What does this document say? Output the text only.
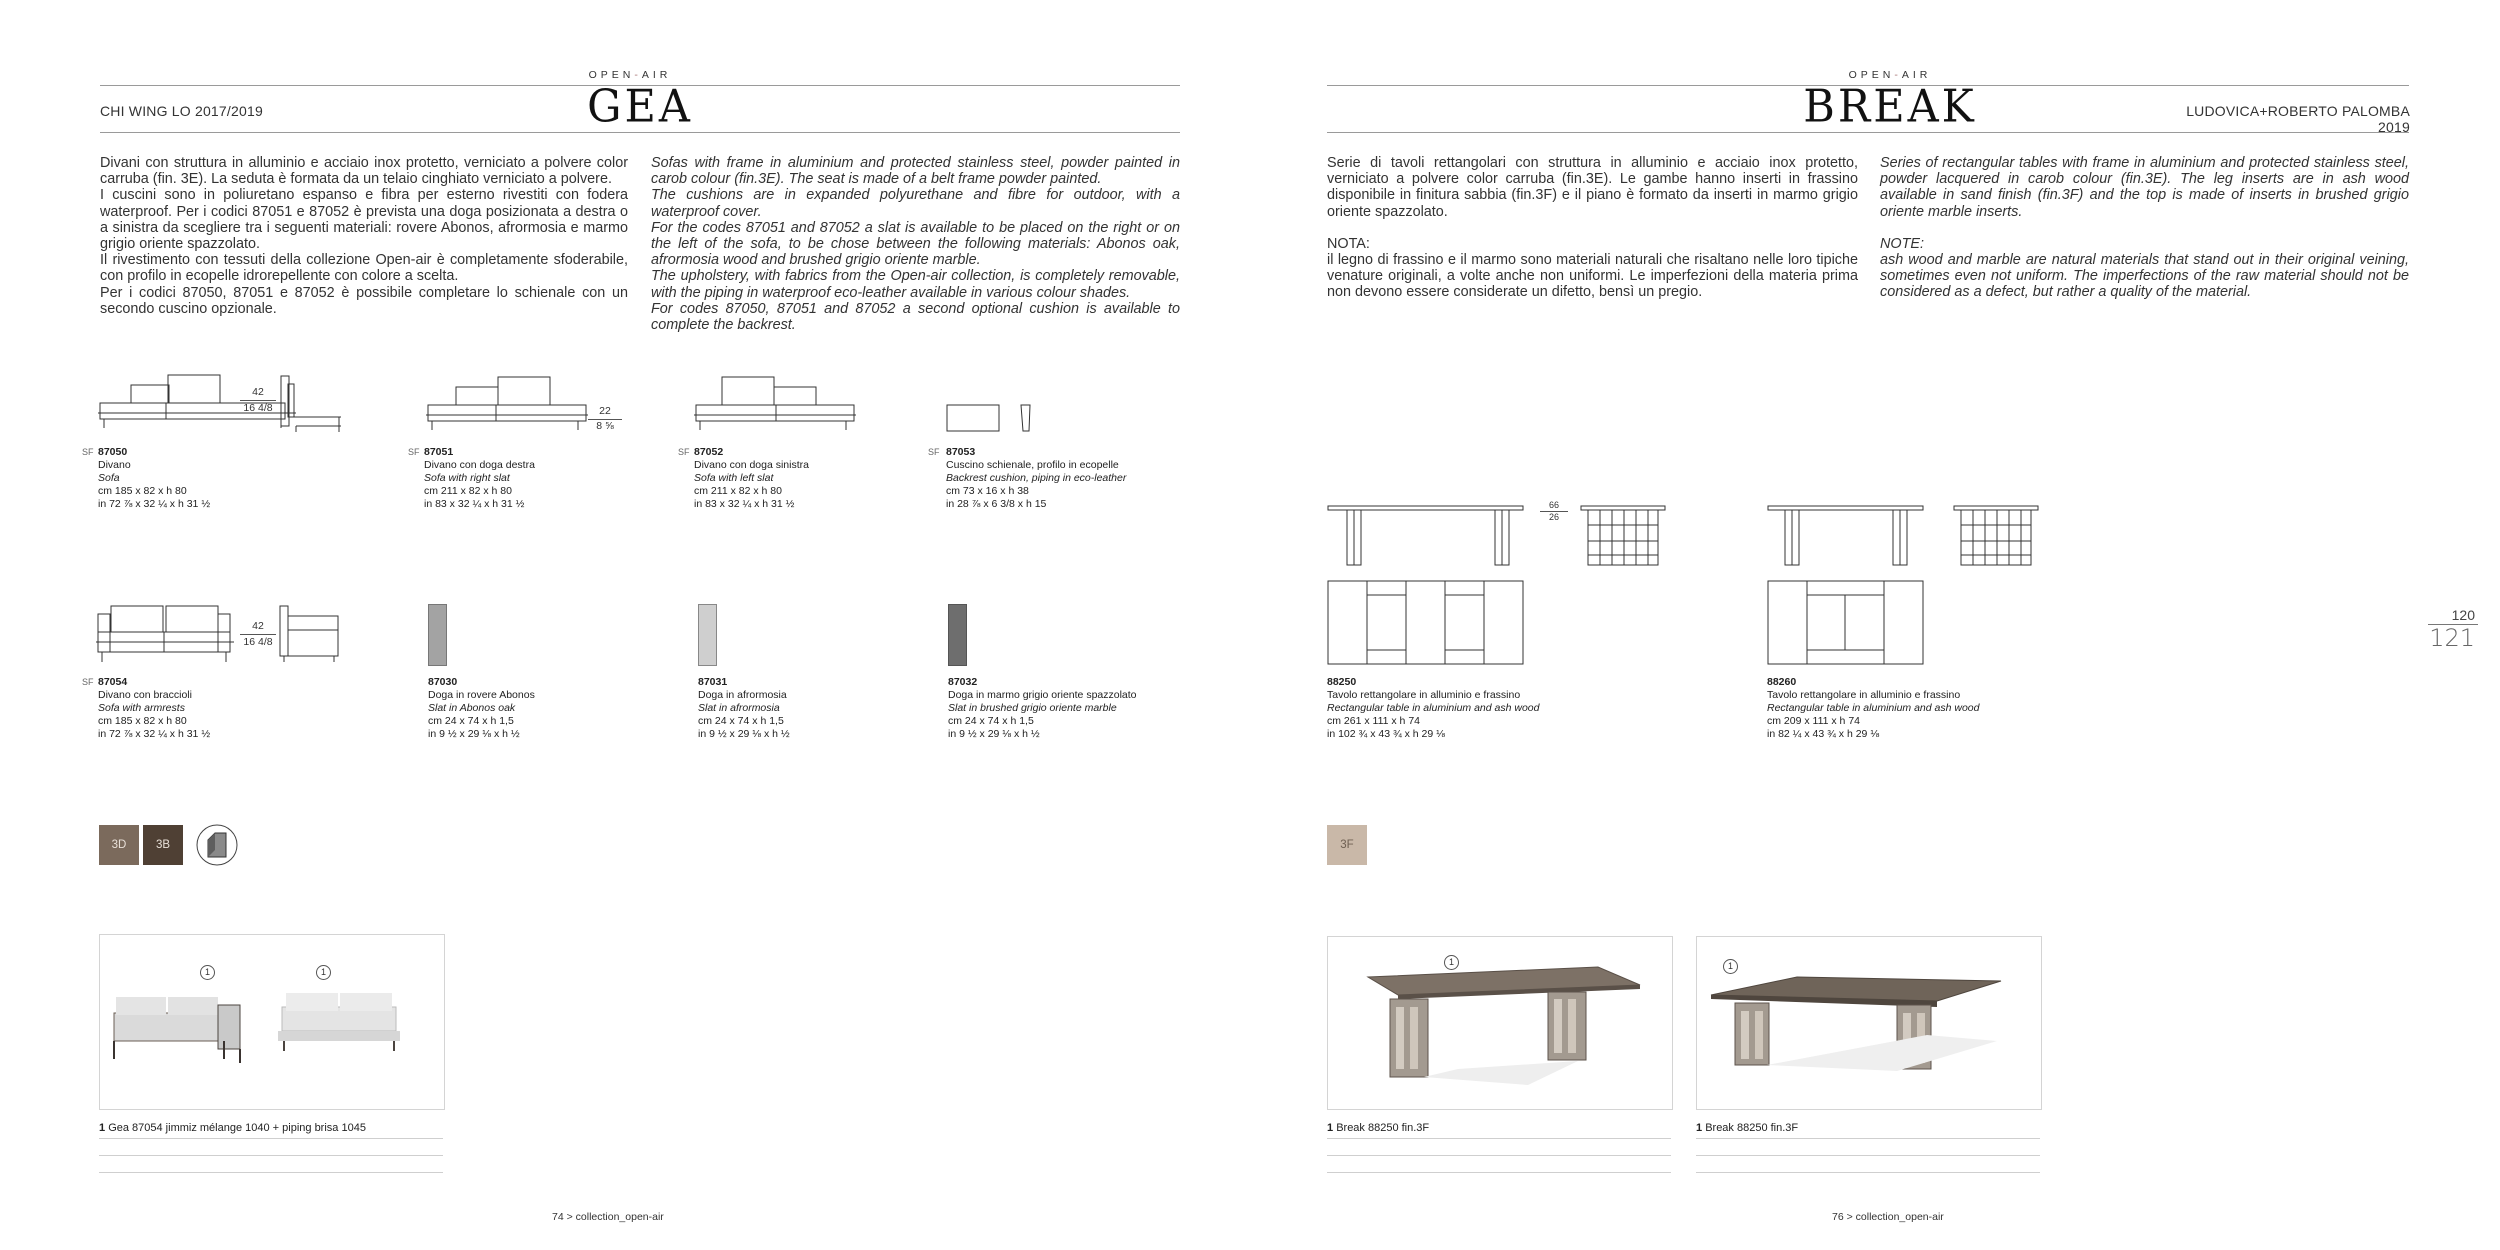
OPEN-AIR
CHI WING LO 2017/2019	GEA

Divani con struttura in alluminio e acciaio inox protetto, verniciato a polvere color carruba (fin. 3E). La seduta è formata da un telaio cinghiato verniciato a polvere.

I cuscini sono in poliuretano espanso e fibra per esterno rivestiti con fodera waterproof. Per i codici 87051 e 87052 è prevista una doga posizionata a destra o a sinistra da scegliere tra i seguenti materiali: rovere Abonos, afrormosia e marmo grigio oriente spazzolato.

Il rivestimento con tessuti della collezione Open-air è completamente sfoderabile, con profilo in ecopelle idrorepellente con colore a scelta.

Per i codici 87050, 87051 e 87052 è possibile completare lo schienale con un secondo cuscino opzionale.

Sofas with frame in aluminium and protected stainless steel, powder painted in carob colour (fin.3E). The seat is made of a belt frame powder painted.

The cushions are in expanded polyurethane and fibre for outdoor, with a waterproof cover.

For the codes 87051 and 87052 a slat is available to be placed on the right or on the left of the sofa, to be chose between the following materials: Abonos oak, afrormosia wood and brushed grigio oriente marble.

The upholstery, with fabrics from the Open-air collection, is completely removable, with the piping in waterproof eco-leather available in various colour shades.

For codes 87050, 87051 and 87052 a second optional cushion is available to complete the backrest.

42
16 4/8	22
8 ⅝
SF 87050
Divano
Sofa
cm 185 x 82 x h 80
in 72 ⅞ x 32 ¼ x h 31 ½
SF 87051
Divano con doga destra
Sofa with right slat
cm 211 x 82 x h 80
in 83 x 32 ¼ x h 31 ½
SF 87052
Divano con doga sinistra
Sofa with left slat
cm 211 x 82 x h 80
in 83 x 32 ¼ x h 31 ½
SF 87053
Cuscino schienale, profilo in ecopelle
Backrest cushion, piping in eco-leather
cm 73 x 16 x h 38
in 28 ⅞ x 6 3/8 x h 15
42
16 4/8
SF 87054
Divano con braccioli
Sofa with armrests
cm 185 x 82 x h 80
in 72 ⅞ x 32 ¼ x h 31 ½
87030
Doga in rovere Abonos
Slat in Abonos oak
cm 24 x 74 x h 1,5
in 9 ½ x 29 ⅛ x h ½
87031
Doga in afrormosia
Slat in afrormosia
cm 24 x 74 x h 1,5
in 9 ½ x 29 ⅛ x h ½
87032
Doga in marmo grigio oriente spazzolato
Slat in brushed grigio oriente marble
cm 24 x 74 x h 1,5
in 9 ½ x 29 ⅛ x h ½
3D	3B
1	1
1 Gea 87054 jimmiz mélange 1040 + piping brisa 1045
74 > collection_open-air
OPEN-AIR
BREAK	LUDOVICA+ROBERTO PALOMBA 2019

Serie di tavoli rettangolari con struttura in alluminio e acciaio inox protetto, verniciato a polvere color carruba (fin.3E). Le gambe hanno inserti in frassino disponibile in finitura sabbia (fin.3F) e il piano è formato da inserti in marmo grigio oriente spazzolato.

NOTA:

il legno di frassino e il marmo sono materiali naturali che risaltano nelle loro tipiche venature originali, a volte anche non uniformi. Le imperfezioni della materia prima non devono essere considerate un difetto, bensì un pregio.

Series of rectangular tables with frame in aluminium and protected stainless steel, powder lacquered in carob colour (fin.3E). The leg inserts are in ash wood available in sand finish (fin.3F) and the top is made of inserts in brushed grigio oriente marble inserts.

NOTE:

ash wood and marble are natural materials that stand out in their original veining, sometimes even not uniform. The imperfections of the raw material should not be considered as a defect, but rather a quality of the material.

66
26
88250
Tavolo rettangolare in alluminio e frassino
Rectangular table in aluminium and ash wood
cm 261 x 111 x h 74
in 102 ¾ x 43 ¾ x h 29 ⅛
88260
Tavolo rettangolare in alluminio e frassino
Rectangular table in aluminium and ash wood
cm 209 x 111 x h 74
in 82 ¼ x 43 ¾ x h 29 ⅛
3F
1	1
1 Break 88250 fin.3F	1 Break 88250 fin.3F
76 > collection_open-air
120
121
